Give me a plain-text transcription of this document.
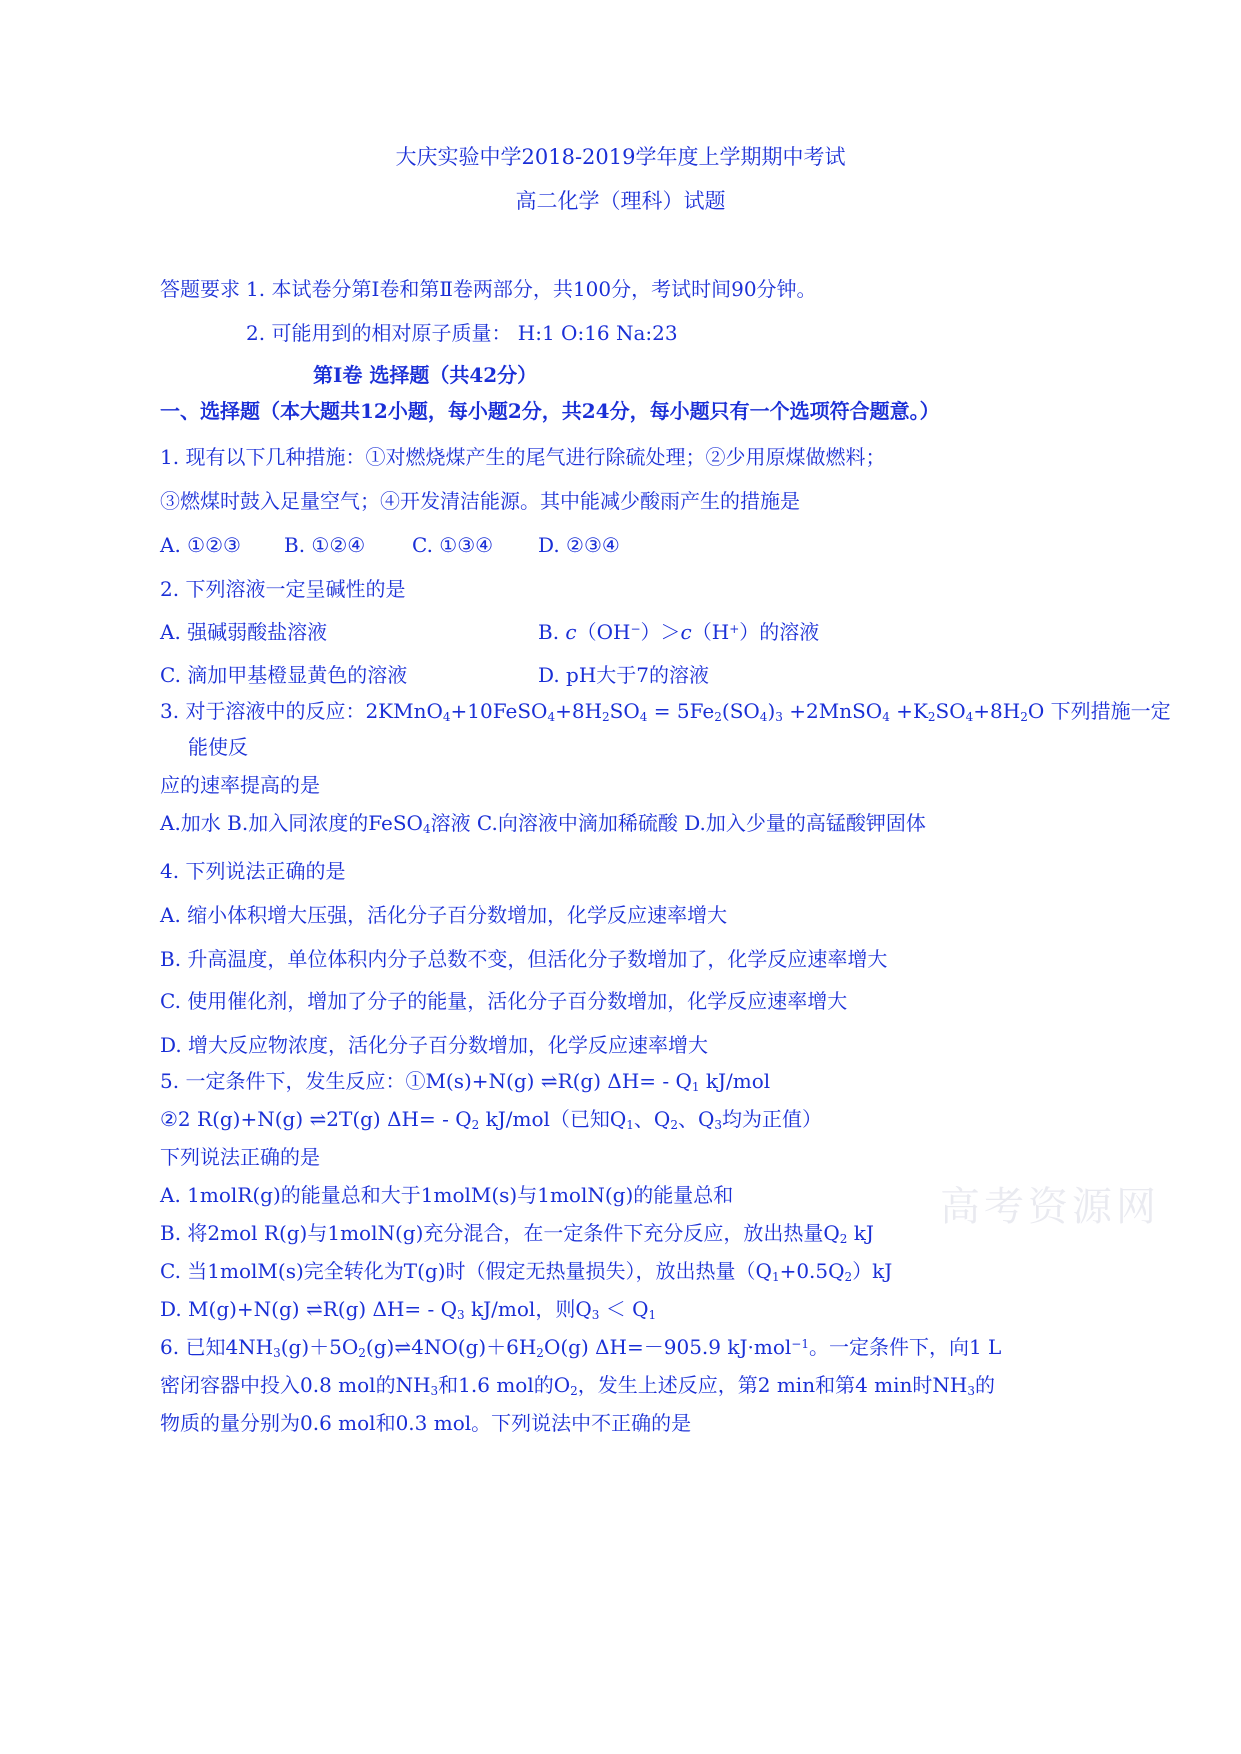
大庆实验中学2018-2019学年度上学期期中考试
高二化学（理科）试题
答题要求 1. 本试卷分第Ⅰ卷和第Ⅱ卷两部分，共100分，考试时间90分钟。
2. 可能用到的相对原子质量： H:1 O:16 Na:23
第Ⅰ卷 选择题（共42分）
一、选择题（本大题共12小题，每小题2分，共24分，每小题只有一个选项符合题意。）
1. 现有以下几种措施：①对燃烧煤产生的尾气进行除硫处理；②少用原煤做燃料；
③燃煤时鼓入足量空气；④开发清洁能源。其中能减少酸雨产生的措施是
A. ①②③ B. ①②④ C. ①③④ D. ②③④
2. 下列溶液一定呈碱性的是
A. 强碱弱酸盐溶液	B. c（OH−）＞c（H+）的溶液
C. 滴加甲基橙显黄色的溶液	D. pH大于7的溶液
3. 对于溶液中的反应：$2KMnO_4+10FeSO_4+8H_2SO_4 = 5Fe_2(SO_4)_3$ +2MnSO$_4$ $+K_2SO_4+8H_2O$ 下列措施一定
能使反
应的速率提高的是
A.加水 B.加入同浓度的FeSO$_4$溶液 C.向溶液中滴加稀硫酸 D.加入少量的高锰酸钾固体
4. 下列说法正确的是
A. 缩小体积增大压强，活化分子百分数增加，化学反应速率增大
B. 升高温度，单位体积内分子总数不变，但活化分子数增加了，化学反应速率增大
C. 使用催化剂，增加了分子的能量，活化分子百分数增加，化学反应速率增大
D. 增大反应物浓度，活化分子百分数增加，化学反应速率增大
5. 一定条件下，发生反应：①M(s)+N(g) ⇌R(g) $\Delta H= - Q_1$ kJ/mol
②2 R(g)+N(g) ⇌2T(g) $\Delta H= - Q_2$ kJ/mol（已知$Q_1$、$Q_2$、$Q_3$均为正值）
下列说法正确的是
A. 1molR(g)的能量总和大于1molM(s)与1molN(g)的能量总和
B. 将2mol R(g)与1molN(g)充分混合，在一定条件下充分反应，放出热量$Q_2$ kJ
C. 当1molM(s)完全转化为T(g)时（假定无热量损失），放出热量$(Q_1+0.5Q_2)kJ$
D. M(g)+N(g) ⇌R(g) $\Delta H= - Q_3$ kJ/mol，则$Q_3 < Q_1$
6. 已知$4NH_3(g)+5O_2(g)\rightleftharpoons 4NO(g)+6H_2O(g)$ ΔH=－905.9 kJ·mol$^{-1}$。一定条件下，向1 L
密闭容器中投入0.8 mol的$NH_3$和1.6 mol的$O_2$，发生上述反应，第2 min和第4 min时$NH_3$的
物质的量分别为0.6 mol和0.3 mol。下列说法中不正确的是
高考资源网
